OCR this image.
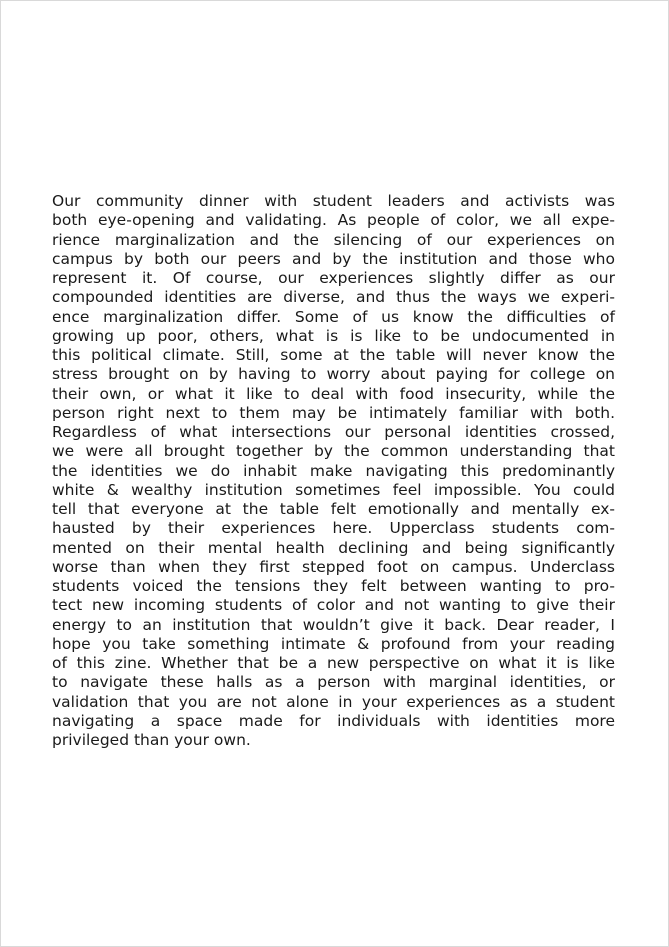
Our community dinner with student leaders and activists was
both eye-opening and validating. As people of color, we all expe-
rience marginalization and the silencing of our experiences on
campus by both our peers and by the institution and those who
represent it. Of course, our experiences slightly differ as our
compounded identities are diverse, and thus the ways we experi-
ence marginalization differ. Some of us know the difficulties of
growing up poor, others, what is is like to be undocumented in
this political climate. Still, some at the table will never know the
stress brought on by having to worry about paying for college on
their own, or what it like to deal with food insecurity, while the
person right next to them may be intimately familiar with both.
Regardless of what intersections our personal identities crossed,
we were all brought together by the common understanding that
the identities we do inhabit make navigating this predominantly
white & wealthy institution sometimes feel impossible. You could
tell that everyone at the table felt emotionally and mentally ex-
hausted by their experiences here. Upperclass students com-
mented on their mental health declining and being significantly
worse than when they first stepped foot on campus. Underclass
students voiced the tensions they felt between wanting to pro-
tect new incoming students of color and not wanting to give their
energy to an institution that wouldn’t give it back. Dear reader, I
hope you take something intimate & profound from your reading
of this zine. Whether that be a new perspective on what it is like
to navigate these halls as a person with marginal identities, or
validation that you are not alone in your experiences as a student
navigating a space made for individuals with identities more
privileged than your own.
